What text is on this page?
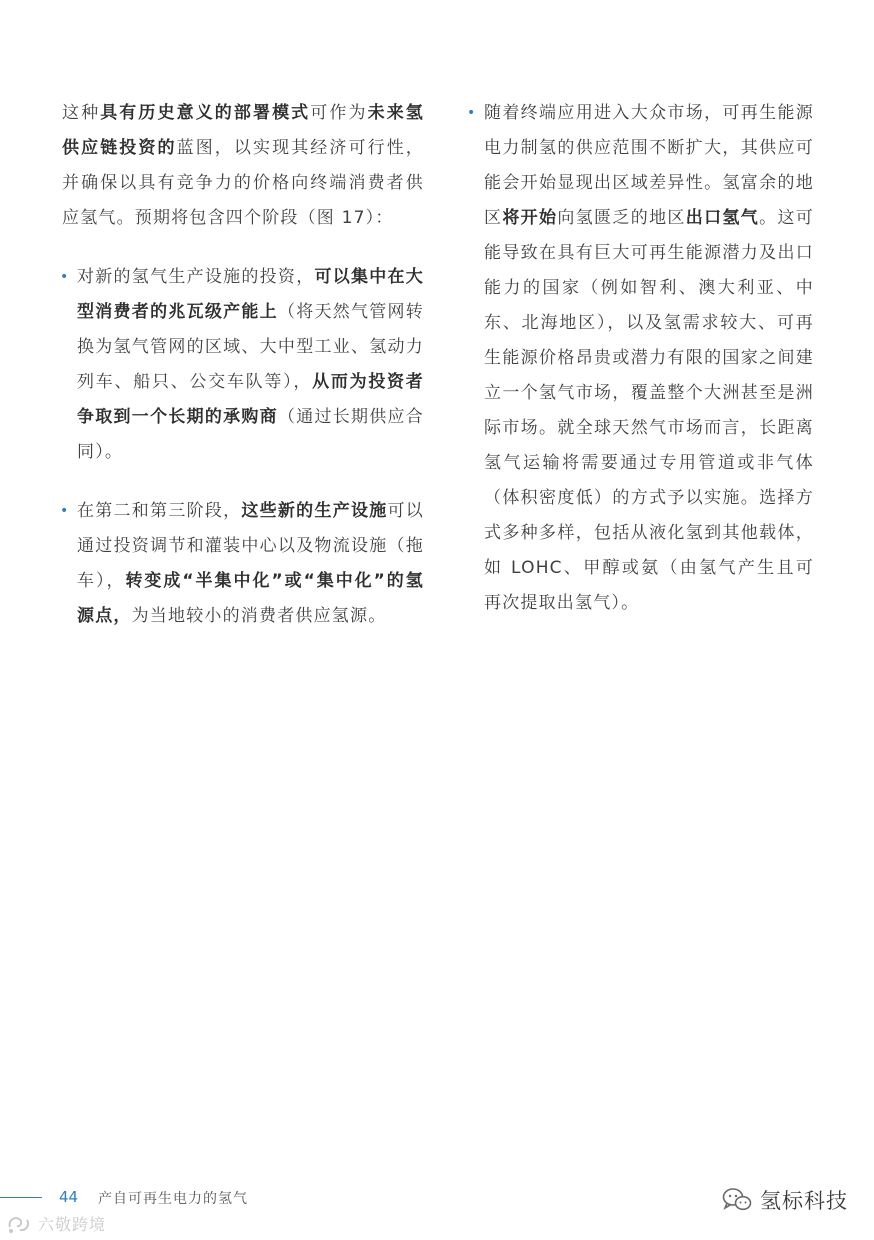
这种具有历史意义的部署模式可作为未来氢供应链投资的蓝图，以实现其经济可行性，并确保以具有竞争力的价格向终端消费者供应氢气。预期将包含四个阶段（图 17）：

• 对新的氢气生产设施的投资，可以集中在大型消费者的兆瓦级产能上（将天然气管网转换为氢气管网的区域、大中型工业、氢动力列车、船只、公交车队等），从而为投资者争取到一个长期的承购商（通过长期供应合同）。
• 在第二和第三阶段，这些新的生产设施可以通过投资调节和灌装中心以及物流设施（拖车），转变成“半集中化”或“集中化”的氢源点，为当地较小的消费者供应氢源。
• 随着终端应用进入大众市场，可再生能源电力制氢的供应范围不断扩大，其供应可能会开始显现出区域差异性。氢富余的地区将开始向氢匮乏的地区出口氢气。这可能导致在具有巨大可再生能源潜力及出口能力的国家（例如智利、澳大利亚、中东、北海地区），以及氢需求较大、可再生能源价格昂贵或潜力有限的国家之间建立一个氢气市场，覆盖整个大洲甚至是洲际市场。就全球天然气市场而言，长距离氢气运输将需要通过专用管道或非气体（体积密度低）的方式予以实施。选择方式多种多样，包括从液化氢到其他载体，如 LOHC、甲醇或氨（由氢气产生且可再次提取出氢气）。
44 产自可再生电力的氢气
六敬跨境
氢标科技
